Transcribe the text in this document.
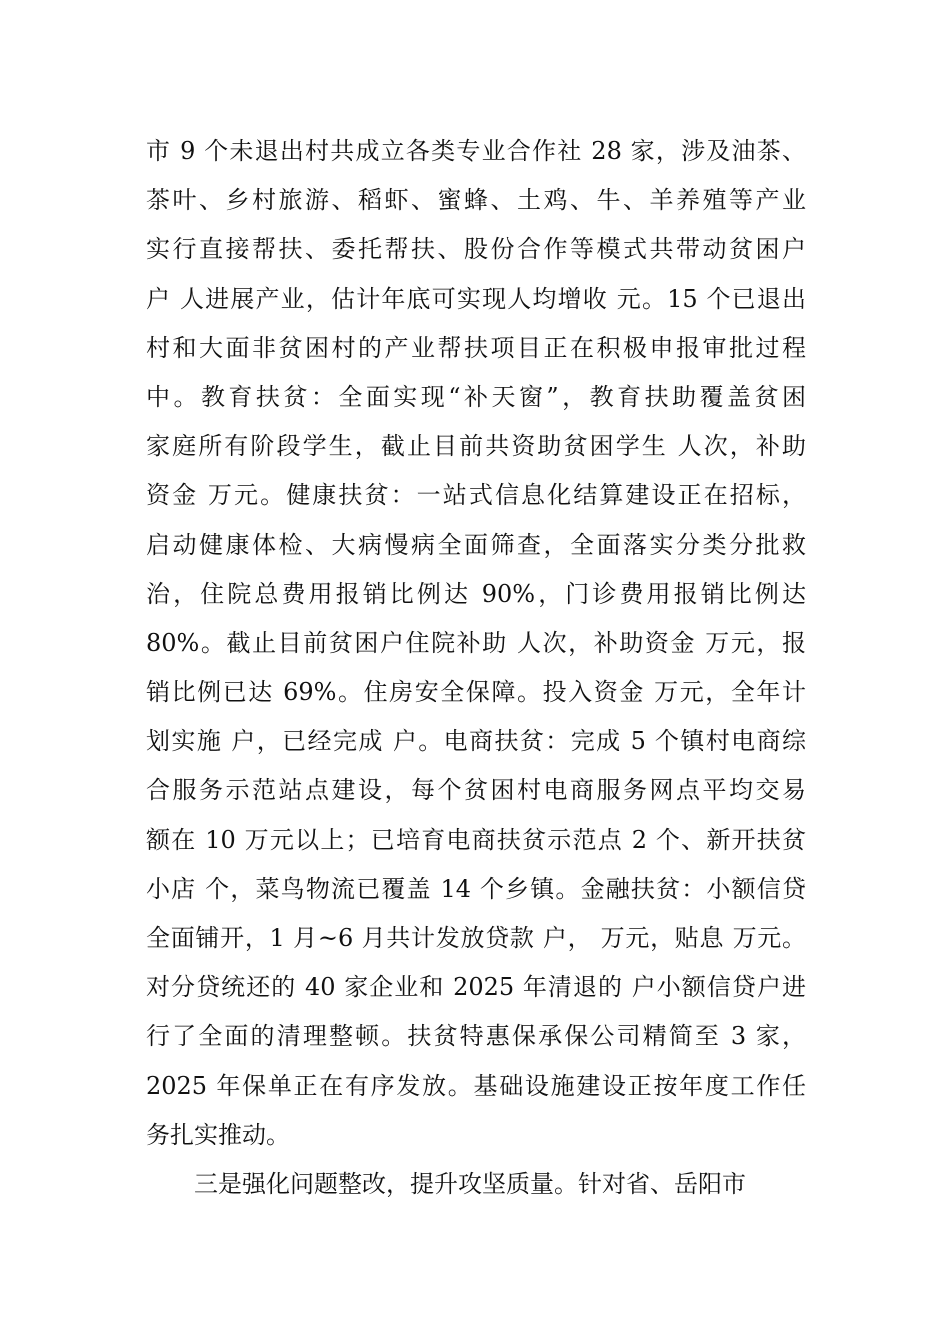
市 9 个未退出村共成立各类专业合作社 28 家，涉及油茶、
茶叶、乡村旅游、稻虾、蜜蜂、土鸡、牛、羊养殖等产业
实行直接帮扶、委托帮扶、股份合作等模式共带动贫困户
户 人进展产业，估计年底可实现人均增收 元。15 个已退出
村和大面非贫困村的产业帮扶项目正在积极申报审批过程
中。教育扶贫：全面实现“补天窗”，教育扶助覆盖贫困
家庭所有阶段学生，截止目前共资助贫困学生 人次，补助
资金 万元。健康扶贫：一站式信息化结算建设正在招标，
启动健康体检、大病慢病全面筛查，全面落实分类分批救
治，住院总费用报销比例达 90%，门诊费用报销比例达
80%。截止目前贫困户住院补助 人次，补助资金 万元，报
销比例已达 69%。住房安全保障。投入资金 万元，全年计
划实施 户，已经完成 户。电商扶贫：完成 5 个镇村电商综
合服务示范站点建设，每个贫困村电商服务网点平均交易
额在 10 万元以上；已培育电商扶贫示范点 2 个、新开扶贫
小店 个，菜鸟物流已覆盖 14 个乡镇。金融扶贫：小额信贷
全面铺开，1 月~6 月共计发放贷款 户， 万元，贴息 万元。
对分贷统还的 40 家企业和 2025 年清退的 户小额信贷户进
行了全面的清理整顿。扶贫特惠保承保公司精简至 3 家，
2025 年保单正在有序发放。基础设施建设正按年度工作任
务扎实推动。
三是强化问题整改，提升攻坚质量。针对省、岳阳市
